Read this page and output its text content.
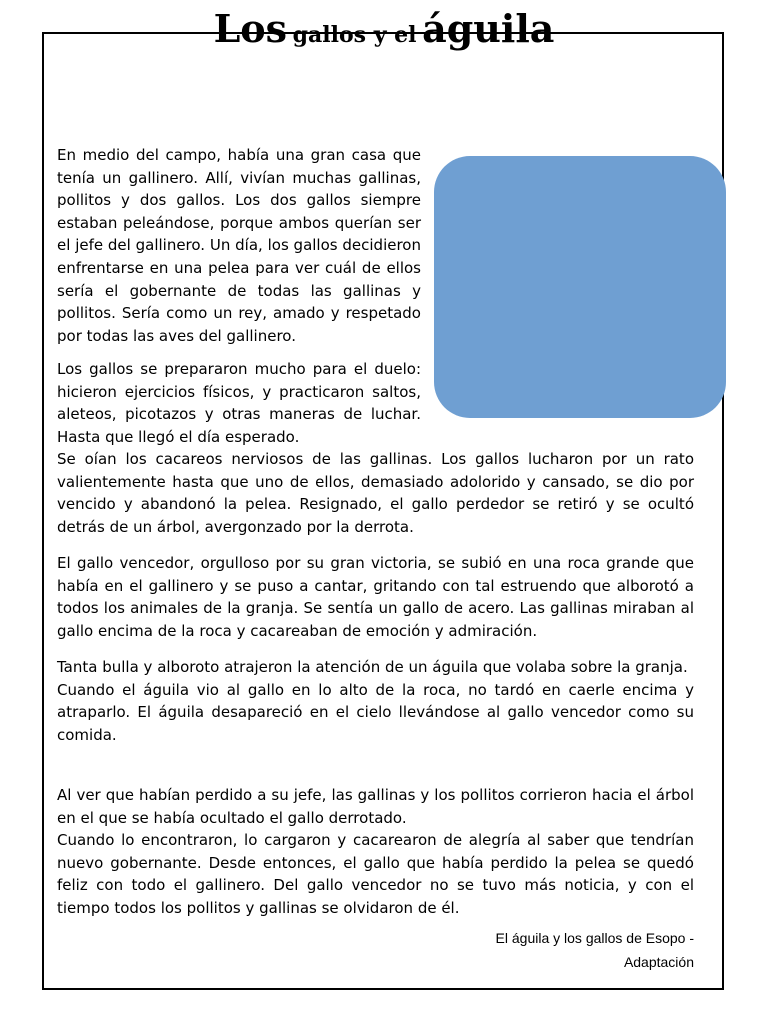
Los gallos y el águila

En medio del campo, había una gran casa que tenía un gallinero. Allí, vivían muchas gallinas, pollitos y dos gallos. Los dos gallos siempre estaban peleándose, porque ambos querían ser el jefe del gallinero. Un día, los gallos decidieron enfrentarse en una pelea para ver cuál de ellos sería el gobernante de todas las gallinas y pollitos. Sería como un rey, amado y respetado por todas las aves del gallinero.

Los gallos se prepararon mucho para el duelo: hicieron ejercicios físicos, y practicaron saltos, aleteos, picotazos y otras maneras de luchar. Hasta que llegó el día esperado.

Se oían los cacareos nerviosos de las gallinas. Los gallos lucharon por un rato valientemente hasta que uno de ellos, demasiado adolorido y cansado, se dio por vencido y abandonó la pelea. Resignado, el gallo perdedor se retiró y se ocultó detrás de un árbol, avergonzado por la derrota.

El gallo vencedor, orgulloso por su gran victoria, se subió en una roca grande que había en el gallinero y se puso a cantar, gritando con tal estruendo que alborotó a todos los animales de la granja. Se sentía un gallo de acero. Las gallinas miraban al gallo encima de la roca y cacareaban de emoción y admiración.

Tanta bulla y alboroto atrajeron la atención de un águila que volaba sobre la granja.

Cuando el águila vio al gallo en lo alto de la roca, no tardó en caerle encima y atraparlo. El águila desapareció en el cielo llevándose al gallo vencedor como su comida.

Al ver que habían perdido a su jefe, las gallinas y los pollitos corrieron hacia el árbol en el que se había ocultado el gallo derrotado.

Cuando lo encontraron, lo cargaron y cacarearon de alegría al saber que tendrían nuevo gobernante. Desde entonces, el gallo que había perdido la pelea se quedó feliz con todo el gallinero. Del gallo vencedor no se tuvo más noticia, y con el tiempo todos los pollitos y gallinas se olvidaron de él.

El águila y los gallos de Esopo -
Adaptación
